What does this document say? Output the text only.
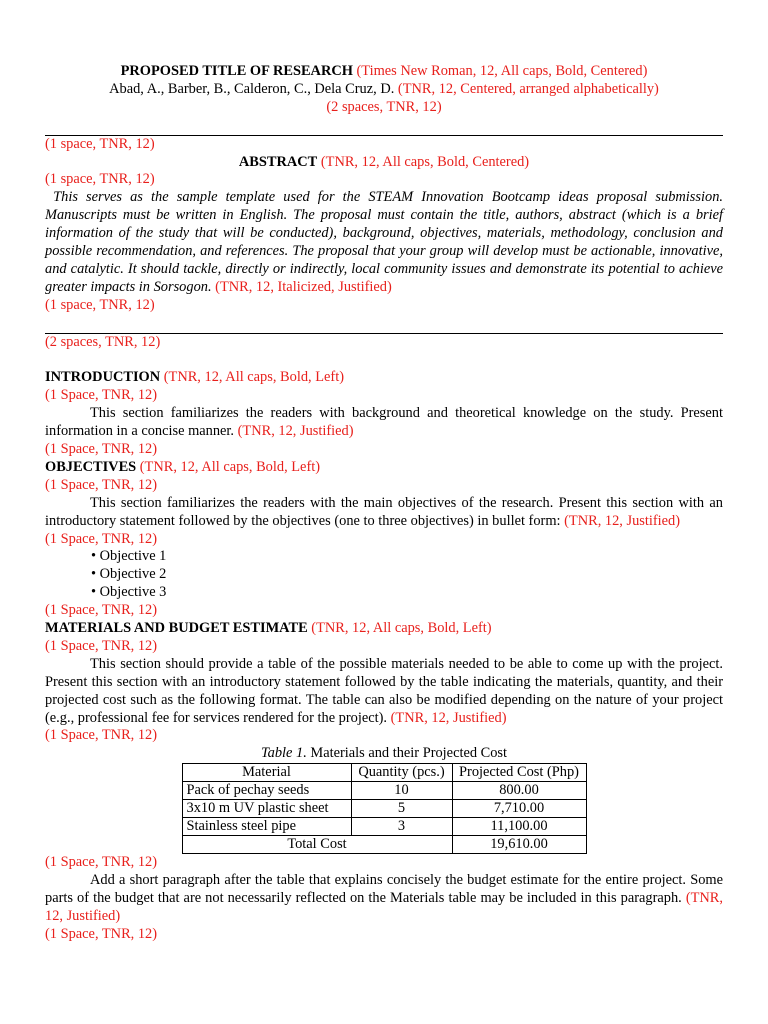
PROPOSED TITLE OF RESEARCH (Times New Roman, 12, All caps, Bold, Centered)

Abad, A., Barber, B., Calderon, C., Dela Cruz, D. (TNR, 12, Centered, arranged alphabetically)

(2 spaces, TNR, 12)

(1 space, TNR, 12)

ABSTRACT (TNR, 12, All caps, Bold, Centered)

(1 space, TNR, 12)

This serves as the sample template used for the STEAM Innovation Bootcamp ideas proposal submission. Manuscripts must be written in English. The proposal must contain the title, authors, abstract (which is a brief information of the study that will be conducted), background, objectives, materials, methodology, conclusion and possible recommendation, and references. The proposal that your group will develop must be actionable, innovative, and catalytic. It should tackle, directly or indirectly, local community issues and demonstrate its potential to achieve greater impacts in Sorsogon. (TNR, 12, Italicized, Justified)

(1 space, TNR, 12)

(2 spaces, TNR, 12)

INTRODUCTION (TNR, 12, All caps, Bold, Left)

(1 Space, TNR, 12)

This section familiarizes the readers with background and theoretical knowledge on the study. Present information in a concise manner. (TNR, 12, Justified)

(1 Space, TNR, 12)

OBJECTIVES (TNR, 12, All caps, Bold, Left)

(1 Space, TNR, 12)

This section familiarizes the readers with the main objectives of the research. Present this section with an introductory statement followed by the objectives (one to three objectives) in bullet form: (TNR, 12, Justified)

(1 Space, TNR, 12)

• Objective 1

• Objective 2

• Objective 3

(1 Space, TNR, 12)

MATERIALS AND BUDGET ESTIMATE (TNR, 12, All caps, Bold, Left)

(1 Space, TNR, 12)

This section should provide a table of the possible materials needed to be able to come up with the project. Present this section with an introductory statement followed by the table indicating the materials, quantity, and their projected cost such as the following format. The table can also be modified depending on the nature of your project (e.g., professional fee for services rendered for the project). (TNR, 12, Justified)

(1 Space, TNR, 12)

Table 1. Materials and their Projected Cost

Material	Quantity (pcs.)	Projected Cost (Php)
Pack of pechay seeds	10	800.00
3x10 m UV plastic sheet	5	7,710.00
Stainless steel pipe	3	11,100.00
Total Cost		19,610.00

(1 Space, TNR, 12)

Add a short paragraph after the table that explains concisely the budget estimate for the entire project. Some parts of the budget that are not necessarily reflected on the Materials table may be included in this paragraph. (TNR, 12, Justified)

(1 Space, TNR, 12)
